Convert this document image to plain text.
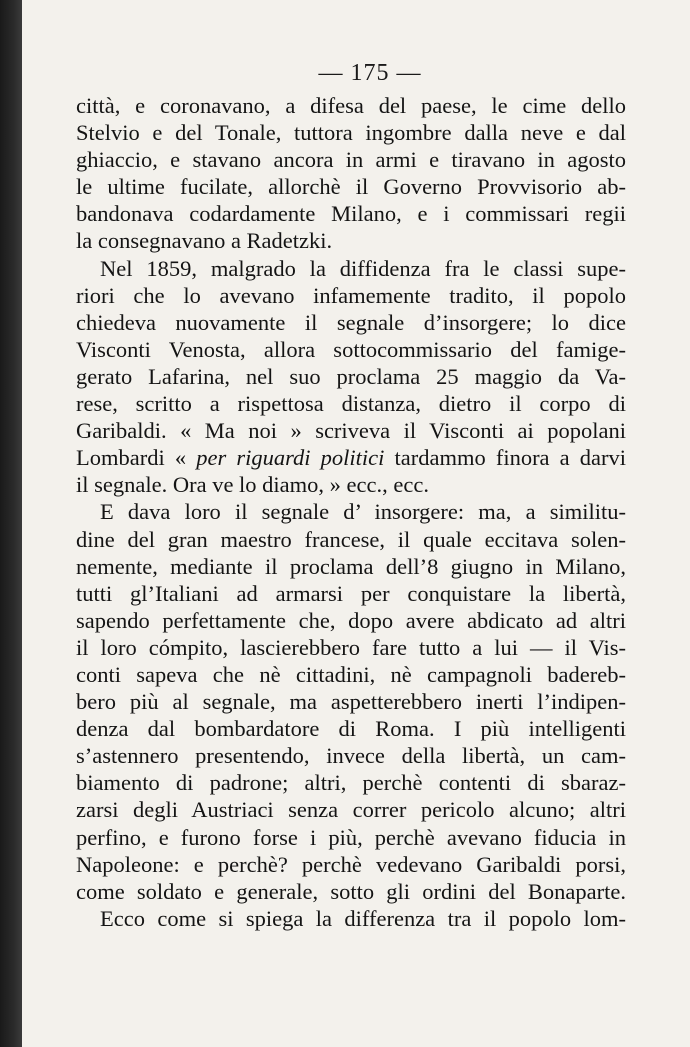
— 175 —
città, e coronavano, a difesa del paese, le cime dello
Stelvio e del Tonale, tuttora ingombre dalla neve e dal
ghiaccio, e stavano ancora in armi e tiravano in agosto
le ultime fucilate, allorchè il Governo Provvisorio ab-
bandonava codardamente Milano, e i commissari regii
la consegnavano a Radetzki.
Nel 1859, malgrado la diffidenza fra le classi supe-
riori che lo avevano infamemente tradito, il popolo
chiedeva nuovamente il segnale d’insorgere; lo dice
Visconti Venosta, allora sottocommissario del famige-
gerato Lafarina, nel suo proclama 25 maggio da Va-
rese, scritto a rispettosa distanza, dietro il corpo di
Garibaldi. « Ma noi » scriveva il Visconti ai popolani
Lombardi « per riguardi politici tardammo finora a darvi
il segnale. Ora ve lo diamo, » ecc., ecc.
E dava loro il segnale d’ insorgere: ma, a similitu-
dine del gran maestro francese, il quale eccitava solen-
nemente, mediante il proclama dell’8 giugno in Milano,
tutti gl’Italiani ad armarsi per conquistare la libertà,
sapendo perfettamente che, dopo avere abdicato ad altri
il loro cómpito, lascierebbero fare tutto a lui — il Vis-
conti sapeva che nè cittadini, nè campagnoli badereb-
bero più al segnale, ma aspetterebbero inerti l’indipen-
denza dal bombardatore di Roma. I più intelligenti
s’astennero presentendo, invece della libertà, un cam-
biamento di padrone; altri, perchè contenti di sbaraz-
zarsi degli Austriaci senza correr pericolo alcuno; altri
perfino, e furono forse i più, perchè avevano fiducia in
Napoleone: e perchè? perchè vedevano Garibaldi porsi,
come soldato e generale, sotto gli ordini del Bonaparte.
Ecco come si spiega la differenza tra il popolo lom-
